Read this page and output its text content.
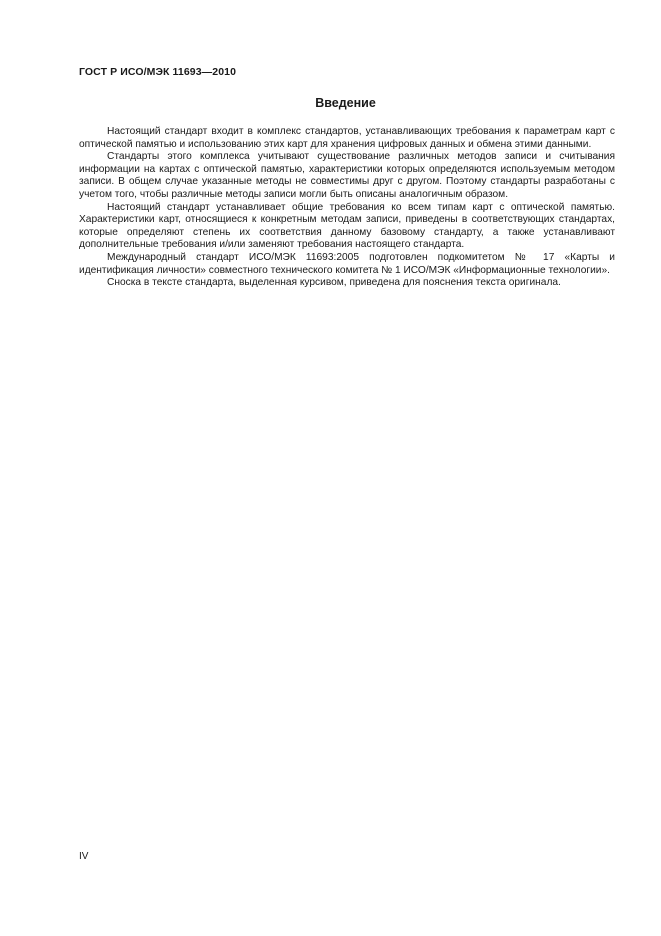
ГОСТ Р ИСО/МЭК 11693—2010
Введение

Настоящий стандарт входит в комплекс стандартов, устанавливающих требования к параметрам карт с оптической памятью и использованию этих карт для хранения цифровых данных и обмена этими данными.

Стандарты этого комплекса учитывают существование различных методов записи и считывания информации на картах с оптической памятью, характеристики которых определяются используемым методом записи. В общем случае указанные методы не совместимы друг с другом. Поэтому стандарты разработаны с учетом того, чтобы различные методы записи могли быть описаны аналогичным образом.

Настоящий стандарт устанавливает общие требования ко всем типам карт с оптической памятью. Характеристики карт, относящиеся к конкретным методам записи, приведены в соответствующих стандартах, которые определяют степень их соответствия данному базовому стандарту, а также устанавливают дополнительные требования и/или заменяют требования настоящего стандарта.

Международный стандарт ИСО/МЭК 11693:2005 подготовлен подкомитетом № 17 «Карты и идентификация личности» совместного технического комитета № 1 ИСО/МЭК «Информационные технологии».

Сноска в тексте стандарта, выделенная курсивом, приведена для пояснения текста оригинала.

IV
